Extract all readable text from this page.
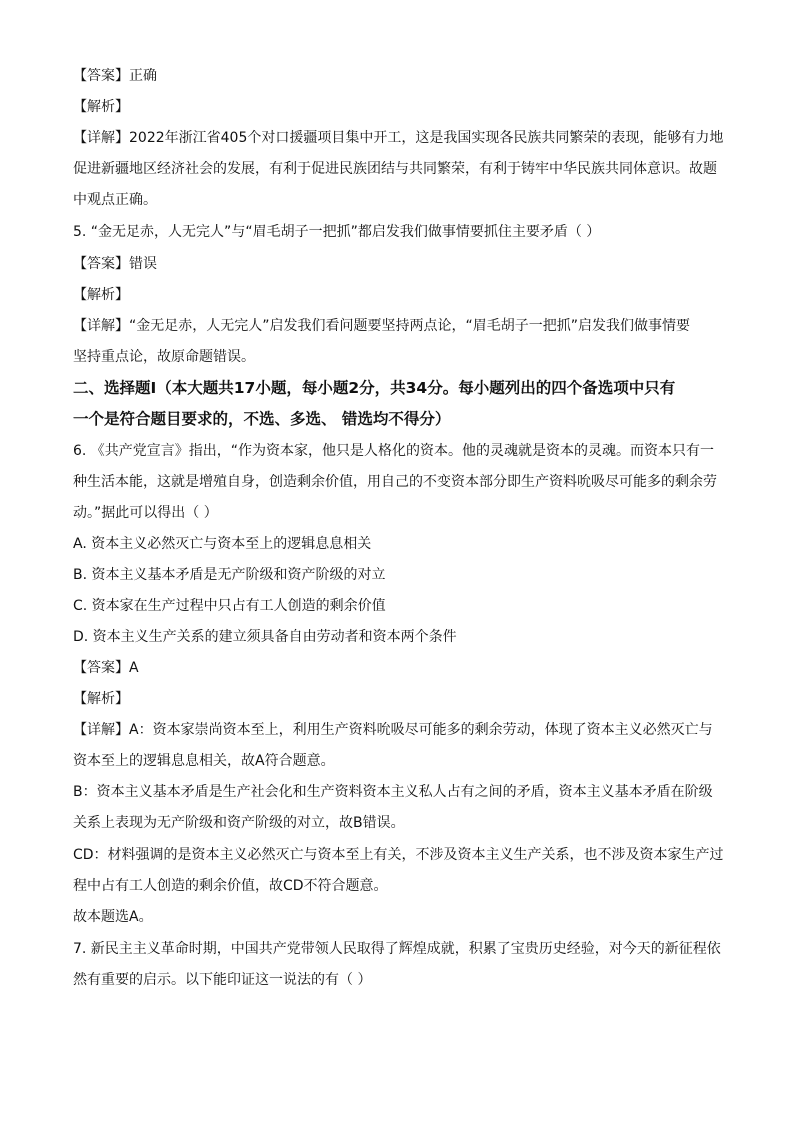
【答案】正确
【解析】
【详解】2022年浙江省405个对口援疆项目集中开工，这是我国实现各民族共同繁荣的表现，能够有力地
促进新疆地区经济社会的发展，有利于促进民族团结与共同繁荣，有利于铸牢中华民族共同体意识。故题
中观点正确。
5. “金无足赤，人无完人”与“眉毛胡子一把抓”都启发我们做事情要抓住主要矛盾（ ）
【答案】错误
【解析】
【详解】“金无足赤，人无完人”启发我们看问题要坚持两点论，“眉毛胡子一把抓”启发我们做事情要
坚持重点论，故原命题错误。
二、选择题Ⅰ（本大题共17小题，每小题2分，共34分。每小题列出的四个备选项中只有
一个是符合题目要求的，不选、多选、 错选均不得分）
6. 《共产党宣言》指出，“作为资本家，他只是人格化的资本。他的灵魂就是资本的灵魂。而资本只有一
种生活本能，这就是增殖自身，创造剩余价值，用自己的不变资本部分即生产资料吮吸尽可能多的剩余劳
动。”据此可以得出（ ）
A. 资本主义必然灭亡与资本至上的逻辑息息相关
B. 资本主义基本矛盾是无产阶级和资产阶级的对立
C. 资本家在生产过程中只占有工人创造的剩余价值
D. 资本主义生产关系的建立须具备自由劳动者和资本两个条件
【答案】A
【解析】
【详解】A：资本家崇尚资本至上，利用生产资料吮吸尽可能多的剩余劳动，体现了资本主义必然灭亡与
资本至上的逻辑息息相关，故A符合题意。
B：资本主义基本矛盾是生产社会化和生产资料资本主义私人占有之间的矛盾，资本主义基本矛盾在阶级
关系上表现为无产阶级和资产阶级的对立，故B错误。
CD：材料强调的是资本主义必然灭亡与资本至上有关，不涉及资本主义生产关系，也不涉及资本家生产过
程中占有工人创造的剩余价值，故CD不符合题意。
故本题选A。
7. 新民主主义革命时期，中国共产党带领人民取得了辉煌成就，积累了宝贵历史经验，对今天的新征程依
然有重要的启示。以下能印证这一说法的有（ ）
